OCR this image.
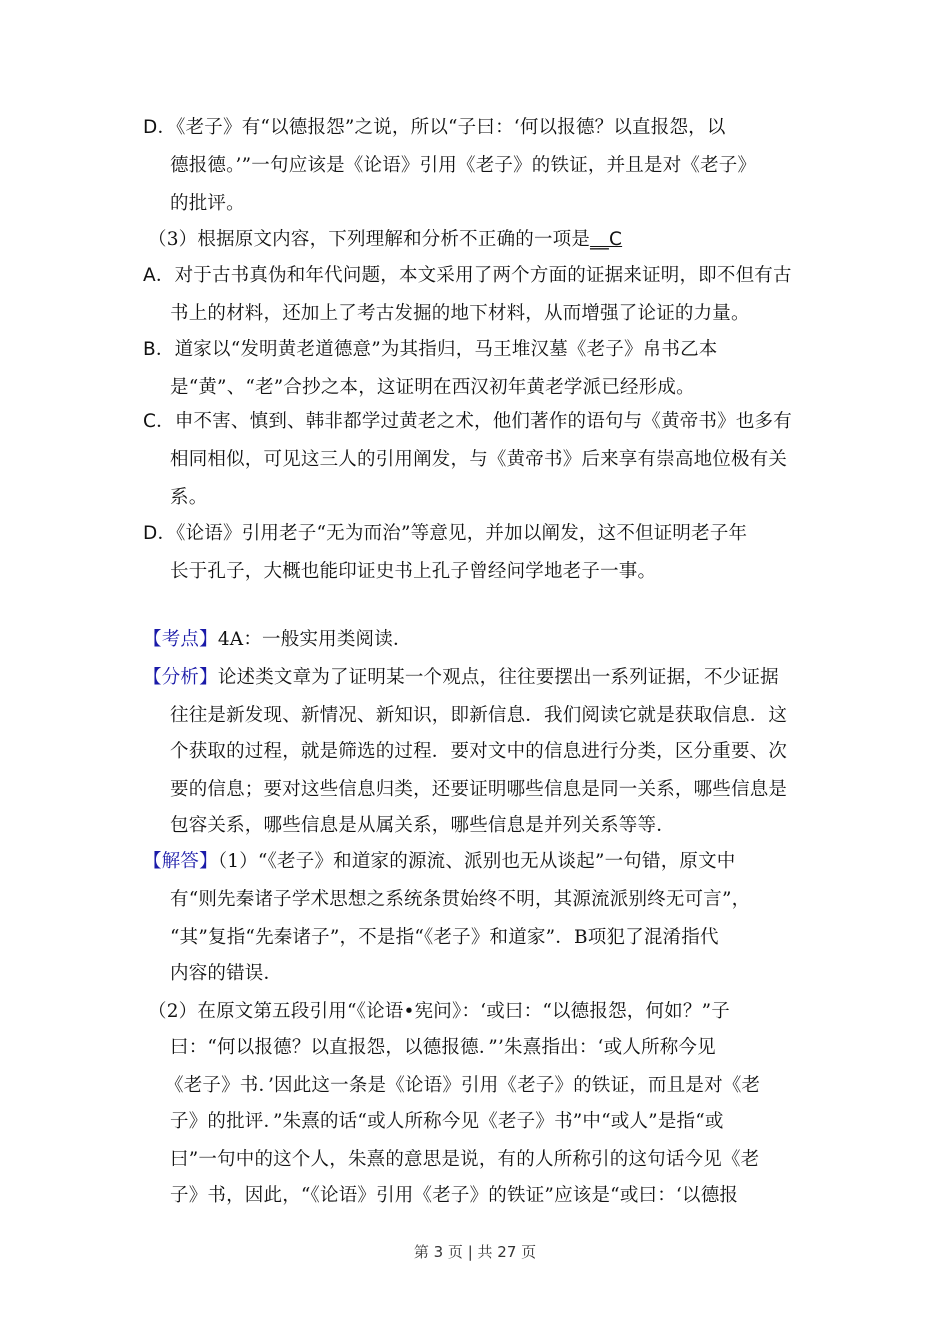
D．《老子》有“以德报怨”之说，所以“子曰：‘何以报德？以直报怨，以
德报德。’”一句应该是《论语》引用《老子》的铁证，并且是对《老子》
的批评。
（3）根据原文内容，下列理解和分析不正确的一项是__C
A．对于古书真伪和年代问题，本文采用了两个方面的证据来证明，即不但有古
书上的材料，还加上了考古发掘的地下材料，从而增强了论证的力量。
B．道家以“发明黄老道德意”为其指归，马王堆汉墓《老子》帛书乙本
是“黄”、“老”合抄之本，这证明在西汉初年黄老学派已经形成。
C．申不害、慎到、韩非都学过黄老之术，他们著作的语句与《黄帝书》也多有
相同相似，可见这三人的引用阐发，与《黄帝书》后来享有崇高地位极有关
系。
D．《论语》引用老子“无为而治”等意见，并加以阐发，这不但证明老子年
长于孔子，大概也能印证史书上孔子曾经问学地老子一事。
【考点】4A：一般实用类阅读．
【分析】论述类文章为了证明某一个观点，往往要摆出一系列证据，不少证据
往往是新发现、新情况、新知识，即新信息．我们阅读它就是获取信息．这
个获取的过程，就是筛选的过程．要对文中的信息进行分类，区分重要、次
要的信息；要对这些信息归类，还要证明哪些信息是同一关系，哪些信息是
包容关系，哪些信息是从属关系，哪些信息是并列关系等等．
【解答】（1）“《老子》和道家的源流、派别也无从谈起”一句错，原文中
有“则先秦诸子学术思想之系统条贯始终不明，其源流派别终无可言”，
“其”复指“先秦诸子”，不是指“《老子》和道家”．B项犯了混淆指代
内容的错误．
（2）在原文第五段引用“《论语•宪问》：‘或曰：“以德报怨，何如？”子
曰：“何以报德？以直报怨，以德报德．”’朱熹指出：‘或人所称今见
《老子》书．’因此这一条是《论语》引用《老子》的铁证，而且是对《老
子》的批评．”朱熹的话“或人所称今见《老子》书”中“或人”是指“或
曰”一句中的这个人，朱熹的意思是说，有的人所称引的这句话今见《老
子》书，因此，“《论语》引用《老子》的铁证”应该是“或曰：‘以德报
第 3 页 | 共 27 页
